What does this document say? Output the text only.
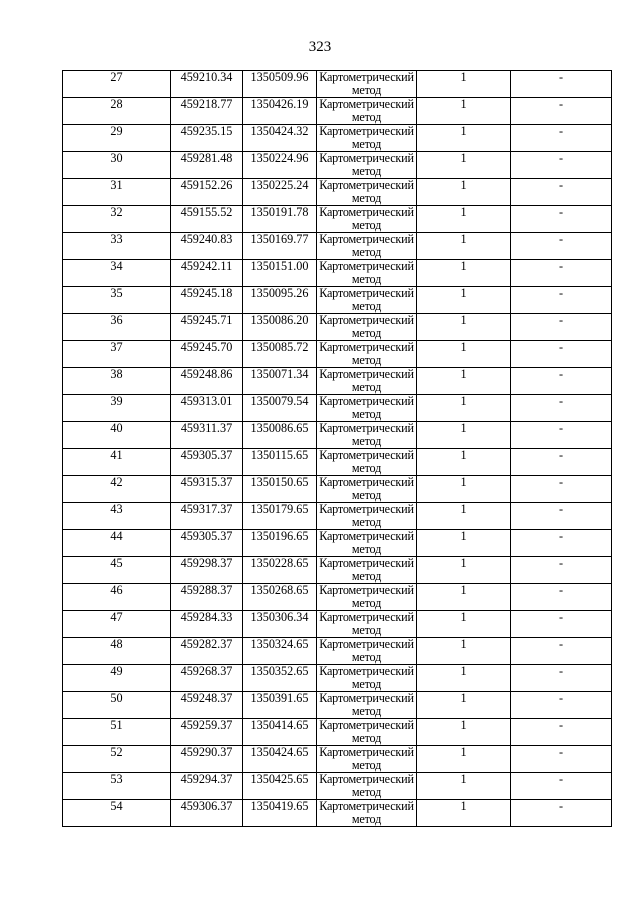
323
27	459210.34	1350509.96	Картометрический метод	1	-
28	459218.77	1350426.19	Картометрический метод	1	-
29	459235.15	1350424.32	Картометрический метод	1	-
30	459281.48	1350224.96	Картометрический метод	1	-
31	459152.26	1350225.24	Картометрический метод	1	-
32	459155.52	1350191.78	Картометрический метод	1	-
33	459240.83	1350169.77	Картометрический метод	1	-
34	459242.11	1350151.00	Картометрический метод	1	-
35	459245.18	1350095.26	Картометрический метод	1	-
36	459245.71	1350086.20	Картометрический метод	1	-
37	459245.70	1350085.72	Картометрический метод	1	-
38	459248.86	1350071.34	Картометрический метод	1	-
39	459313.01	1350079.54	Картометрический метод	1	-
40	459311.37	1350086.65	Картометрический метод	1	-
41	459305.37	1350115.65	Картометрический метод	1	-
42	459315.37	1350150.65	Картометрический метод	1	-
43	459317.37	1350179.65	Картометрический метод	1	-
44	459305.37	1350196.65	Картометрический метод	1	-
45	459298.37	1350228.65	Картометрический метод	1	-
46	459288.37	1350268.65	Картометрический метод	1	-
47	459284.33	1350306.34	Картометрический метод	1	-
48	459282.37	1350324.65	Картометрический метод	1	-
49	459268.37	1350352.65	Картометрический метод	1	-
50	459248.37	1350391.65	Картометрический метод	1	-
51	459259.37	1350414.65	Картометрический метод	1	-
52	459290.37	1350424.65	Картометрический метод	1	-
53	459294.37	1350425.65	Картометрический метод	1	-
54	459306.37	1350419.65	Картометрический метод	1	-
